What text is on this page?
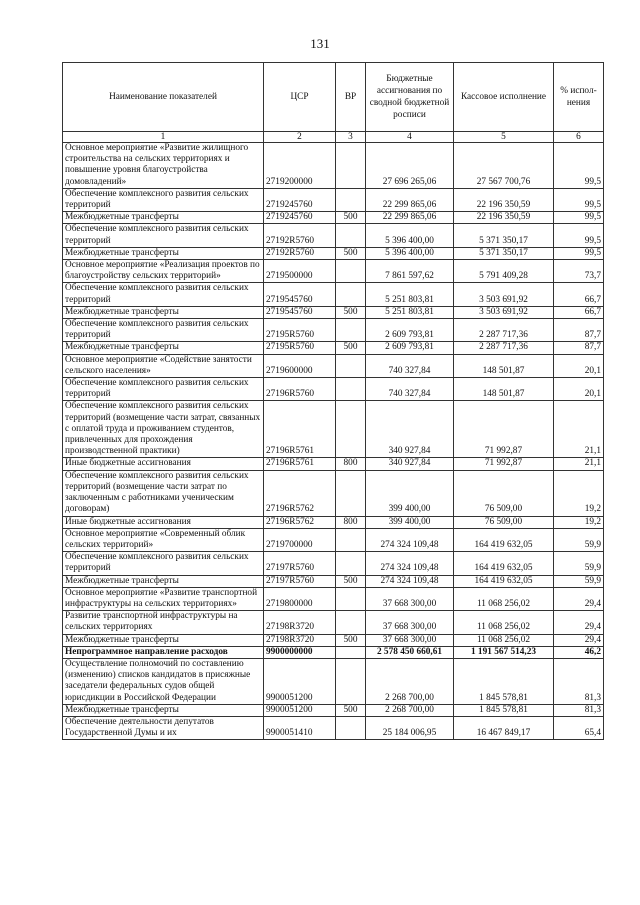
131
Наименование показателей	ЦСР	ВР	Бюджетные ассигнования по сводной бюджетной росписи	Кассовое исполнение	% испол-нения
1	2	3	4	5	6
Основное мероприятие «Развитие жилищного строительства на сельских территориях и повышение уровня благоустройства домовладений»	2719200000		27 696 265,06	27 567 700,76	99,5
Обеспечение комплексного развития сельских территорий	2719245760		22 299 865,06	22 196 350,59	99,5
Межбюджетные трансферты	2719245760	500	22 299 865,06	22 196 350,59	99,5
Обеспечение комплексного развития сельских территорий	27192R5760		5 396 400,00	5 371 350,17	99,5
Межбюджетные трансферты	27192R5760	500	5 396 400,00	5 371 350,17	99,5
Основное мероприятие «Реализация проектов по благоустройству сельских территорий»	2719500000		7 861 597,62	5 791 409,28	73,7
Обеспечение комплексного развития сельских территорий	2719545760		5 251 803,81	3 503 691,92	66,7
Межбюджетные трансферты	2719545760	500	5 251 803,81	3 503 691,92	66,7
Обеспечение комплексного развития сельских территорий	27195R5760		2 609 793,81	2 287 717,36	87,7
Межбюджетные трансферты	27195R5760	500	2 609 793,81	2 287 717,36	87,7
Основное мероприятие «Содействие занятости сельского населения»	2719600000		740 327,84	148 501,87	20,1
Обеспечение комплексного развития сельских территорий	27196R5760		740 327,84	148 501,87	20,1
Обеспечение комплексного развития сельских территорий (возмещение части затрат, связанных с оплатой труда и проживанием студентов, привлеченных для прохождения производственной практики)	27196R5761		340 927,84	71 992,87	21,1
Иные бюджетные ассигнования	27196R5761	800	340 927,84	71 992,87	21,1
Обеспечение комплексного развития сельских территорий (возмещение части затрат по заключенным с работниками ученическим договорам)	27196R5762		399 400,00	76 509,00	19,2
Иные бюджетные ассигнования	27196R5762	800	399 400,00	76 509,00	19,2
Основное мероприятие «Современный облик сельских территорий»	2719700000		274 324 109,48	164 419 632,05	59,9
Обеспечение комплексного развития сельских территорий	27197R5760		274 324 109,48	164 419 632,05	59,9
Межбюджетные трансферты	27197R5760	500	274 324 109,48	164 419 632,05	59,9
Основное мероприятие «Развитие транспортной инфраструктуры на сельских территориях»	2719800000		37 668 300,00	11 068 256,02	29,4
Развитие транспортной инфраструктуры на сельских территориях	27198R3720		37 668 300,00	11 068 256,02	29,4
Межбюджетные трансферты	27198R3720	500	37 668 300,00	11 068 256,02	29,4
Непрограммное направление расходов	9900000000		2 578 450 660,61	1 191 567 514,23	46,2
Осуществление полномочий по составлению (изменению) списков кандидатов в присяжные заседатели федеральных судов общей юрисдикции в Российской Федерации	9900051200		2 268 700,00	1 845 578,81	81,3
Межбюджетные трансферты	9900051200	500	2 268 700,00	1 845 578,81	81,3
Обеспечение деятельности депутатов Государственной Думы и их	9900051410		25 184 006,95	16 467 849,17	65,4
